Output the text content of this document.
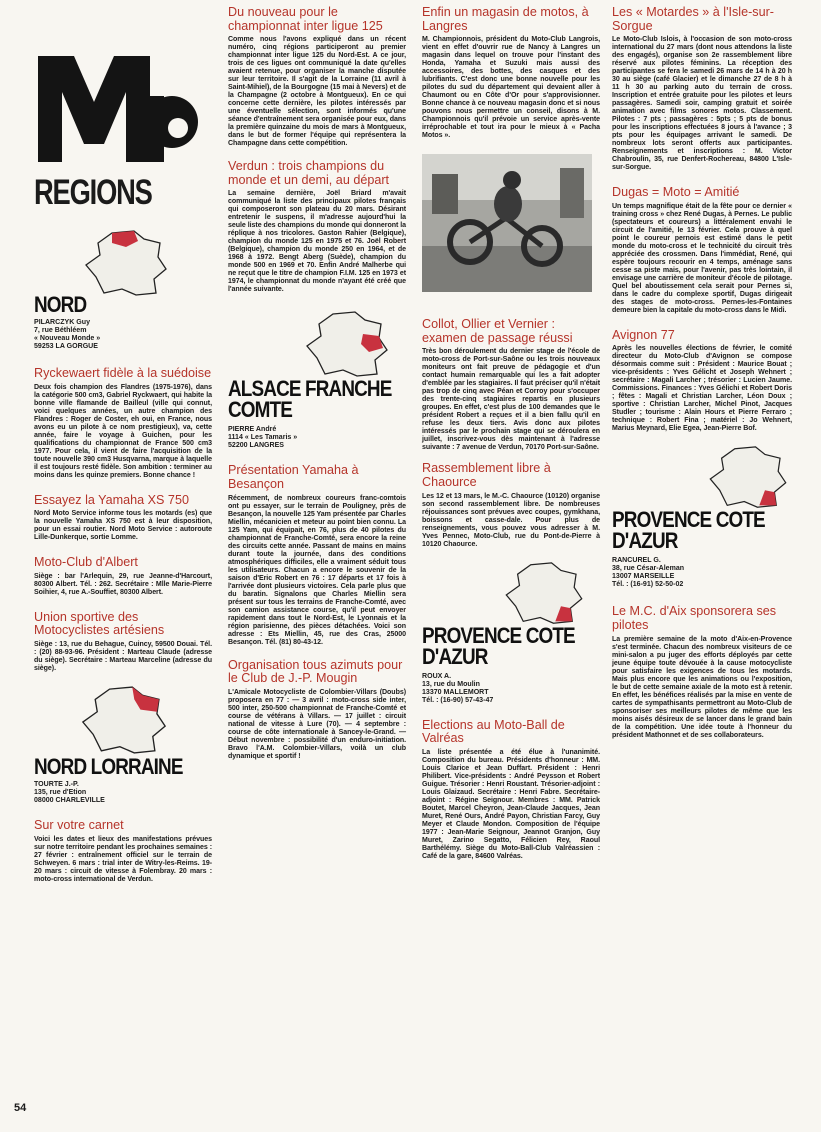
REGIONS
NORD
PILARCZYK Guy
7, rue Béthléem
« Nouveau Monde »
59253 LA GORGUE
Ryckewaert fidèle à la suédoise
Deux fois champion des Flandres (1975-1976), dans la catégorie 500 cm3, Gabriel Ryckwaert, qui habite la bonne ville flamande de Bailleul (ville qui connut, voici quelques années, un autre champion des Flandres : Roger de Coster, eh oui, en France, nous avons eu un pilote à ce nom prestigieux), va, cette année, faire le voyage à Guichen, pour les qualifications du championnat de France 500 cm3 1977. Pour cela, il vient de faire l'acquisition de la toute nouvelle 390 cm3 Husqvarna, marque à laquelle il est toujours resté fidèle. Son ambition : terminer au moins dans les quinze premiers. Bonne chance !
Essayez la Yamaha XS 750
Nord Moto Service informe tous les motards (es) que la nouvelle Yamaha XS 750 est à leur disposition, pour un essai routier. Nord Moto Service : autoroute Lille-Dunkerque, sortie Lomme.
Moto-Club d'Albert
Siège : bar l'Arlequin, 29, rue Jeanne-d'Harcourt, 80300 Albert. Tél. : 262. Secrétaire : Mlle Marie-Pierre Soihier, 4, rue A.-Souffiet, 80300 Albert.
Union sportive des Motocyclistes artésiens
Siège : 13, rue du Behague, Cuincy, 59500 Douai. Tél. : (20) 88-93-96. Président : Marteau Claude (adresse du siège). Secrétaire : Marteau Marceline (adresse du siège).
NORD LORRAINE
TOURTE J.-P.
135, rue d'Etion
08000 CHARLEVILLE
Sur votre carnet
Voici les dates et lieux des manifestations prévues sur notre territoire pendant les prochaines semaines : 27 février : entraînement officiel sur le terrain de Schweyen. 6 mars : trial inter de Witry-les-Reims. 19-20 mars : circuit de vitesse à Folembray. 20 mars : moto-cross international de Verdun.
54
Du nouveau pour le championnat inter ligue 125
Comme nous l'avons expliqué dans un récent numéro, cinq régions participeront au premier championnat inter ligue 125 du Nord-Est. A ce jour, trois de ces ligues ont communiqué la date qu'elles avaient retenue, pour organiser la manche disputée sur leur territoire. Il s'agit de la Lorraine (11 avril à Saint-Mihiel), de la Bourgogne (15 mai à Nevers) et de la Champagne (2 octobre à Montgueux). En ce qui concerne cette dernière, les pilotes intéressés par une éventuelle sélection, sont informés qu'une séance d'entraînement sera organisée pour eux, dans la première quinzaine du mois de mars à Montgueux, dans le but de former l'équipe qui représentera la Champagne dans cette compétition.
Verdun : trois champions du monde et un demi, au départ
La semaine dernière, Joël Briard m'avait communiqué la liste des principaux pilotes français qui composeront son plateau du 20 mars. Désirant entretenir le suspens, il m'adresse aujourd'hui la seule liste des champions du monde qui donneront la réplique à nos tricolores. Gaston Rahier (Belgique), champion du monde 125 en 1975 et 76. Joël Robert (Belgique), champion du monde 250 en 1964, et de 1968 à 1972. Bengt Aberg (Suède), champion du monde 500 en 1969 et 70. Enfin André Malherbe qui ne reçut que le titre de champion F.I.M. 125 en 1973 et 1974, le championnat du monde n'ayant été créé que l'année suivante.
ALSACE FRANCHE COMTE
PIERRE André
1114 « Les Tamaris »
52200 LANGRES
Présentation Yamaha à Besançon
Récemment, de nombreux coureurs franc-comtois ont pu essayer, sur le terrain de Pouligney, près de Besançon, la nouvelle 125 Yam présentée par Charles Miellin, mécanicien et meteur au point bien connu. La 125 Yam, qui équipait, en 76, plus de 40 pilotes du championnat de Franche-Comté, sera encore la reine des circuits cette année. Passant de mains en mains durant toute la journée, dans des conditions atmosphériques difficiles, elle a vraiment séduit tous les utilisateurs. Chacun a encore le souvenir de la saison d'Eric Robert en 76 : 17 départs et 17 fois à l'arrivée dont plusieurs victoires. Cela parle plus que du baratin. Signalons que Charles Miellin sera présent sur tous les terrains de Franche-Comté, avec son camion assistance course, qu'il peut envoyer rapidement dans tout le Nord-Est, le Lyonnais et la région parisienne, des pièces détachées. Voici son adresse : Ets Miellin, 45, rue des Cras, 25000 Besançon. Tél. (81) 80-43-12.
Organisation tous azimuts pour le Club de J.-P. Mougin
L'Amicale Motocycliste de Colombier-Villars (Doubs) proposera en 77 : — 3 avril : moto-cross side inter, 500 inter, 250-500 championnat de Franche-Comté et course de vétérans à Villars. — 17 juillet : circuit national de vitesse à Lure (70). — 4 septembre : course de côte internationale à Sancey-le-Grand. — Début novembre : possibilité d'un enduro-initiation. Bravo l'A.M. Colombier-Villars, voilà un club dynamique et sportif !
Enfin un magasin de motos, à Langres
M. Championnois, président du Moto-Club Langrois, vient en effet d'ouvrir rue de Nancy à Langres un magasin dans lequel on trouve pour l'instant des Honda, Yamaha et Suzuki mais aussi des accessoires, des bottes, des casques et des lubrifiants. C'est donc une bonne nouvelle pour les pilotes du sud du département qui devaient aller à Chaumont ou en Côte d'Or pour s'approvisionner. Bonne chance à ce nouveau magasin donc et si nous pouvons nous permettre un conseil, disons à M. Championnois qu'il prévoie un service après-vente irréprochable et tout ira pour le mieux à « Pacha Motos ».
Collot, Ollier et Vernier : examen de passage réussi
Très bon déroulement du dernier stage de l'école de moto-cross de Port-sur-Saône ou les trois nouveaux moniteurs ont fait preuve de pédagogie et d'un contact humain remarquable qui les a fait adopter d'emblée par les stagiaires. Il faut préciser qu'il n'était pas trop de cinq avec Péan et Corroy pour s'occuper des trente-cinq stagiaires repartis en plusieurs groupes. En effet, c'est plus de 100 demandes que le président Robert a reçues et il a bien fallu qu'il en refuse les deux tiers. Avis donc aux pilotes intéressés par le prochain stage qui se déroulera en juillet, inscrivez-vous dès maintenant à l'adresse suivante : 7 avenue de Verdun, 70170 Port-sur-Saône.
Rassemblement libre à Chaource
Les 12 et 13 mars, le M.-C. Chaource (10120) organise son second rassemblement libre. De nombreuses réjouissances sont prévues avec coupes, gymkhana, boissons et casse-dale. Pour plus de renseignements, vous pouvez vous adresser à M. Yves Pennec, Moto-Club, rue du Pont-de-Pierre à 10120 Chaource.
PROVENCE COTE D'AZUR
ROUX A.
13, rue du Moulin
13370 MALLEMORT
Tél. : (16-90) 57-43-47
Elections au Moto-Ball de Valréas
La liste présentée a été élue à l'unanimité. Composition du bureau. Présidents d'honneur : MM. Louis Clarice et Jean Duffart. Président : Henri Philibert. Vice-présidents : André Peysson et Robert Guigue. Trésorier : Henri Roustant. Trésorier-adjoint : Louis Glaizaud. Secrétaire : Henri Fabre. Secrétaire-adjoint : Régine Seignour. Membres : MM. Patrick Boutet, Marcel Cheyron, Jean-Claude Jacques, Jean Muret, René Ours, André Payon, Christian Farcy, Guy Meyer et Claude Mondon. Composition de l'équipe 1977 : Jean-Marie Seignour, Jeannot Granjon, Guy Muret, Zarino Segatto, Félicien Rey, Raoul Barthélémy. Siège du Moto-Ball-Club Valréassien : Café de la gare, 84600 Valréas.
Les « Motardes » à l'Isle-sur-Sorgue
Le Moto-Club Islois, à l'occasion de son moto-cross international du 27 mars (dont nous attendons la liste des engagés), organise son 2e rassemblement libre réservé aux pilotes féminins. La réception des participantes se fera le samedi 26 mars de 14 h à 20 h 30 au siège (café Glacier) et le dimanche 27 de 8 h à 11 h 30 au parking auto du terrain de cross. Inscription et entrée gratuite pour les pilotes et leurs passagères. Samedi soir, camping gratuit et soirée animation avec films sonores motos. Classement. Pilotes : 7 pts ; passagères : 5pts ; 5 pts de bonus pour les inscriptions effectuées 8 jours à l'avance ; 3 pts pour les équipages arrivant le samedi. De nombreux lots seront offerts aux participantes. Renseignements et inscriptions : M. Victor Chabroulin, 35, rue Denfert-Rochereau, 84800 L'Isle-sur-Sorgue.
Dugas = Moto = Amitié
Un temps magnifique était de la fête pour ce dernier « training cross » chez René Dugas, à Pernes. Le public (spectateurs et coureurs) a littéralement envahi le circuit de l'amitié, le 13 février. Cela prouve à quel point le coureur pernois est estimé dans le petit monde du moto-cross et le technicité du circuit très appréciée des crossmen. Dans l'immédiat, René, qui espère toujours recourir en 4 temps, aménage sans cesse sa piste mais, pour l'avenir, pas très lointain, il envisage une carrière de moniteur d'école de pilotage. Quel bel aboutissement cela serait pour Pernes si, dans le cadre du complexe sportif, Dugas dirigeait des stages de moto-cross. Pernes-les-Fontaines demeure bien la capitale du moto-cross dans le Midi.
Avignon 77
Après les nouvelles élections de février, le comité directeur du Moto-Club d'Avignon se compose désormais comme suit : Président : Maurice Bouat ; vice-présidents : Yves Gélicht et Joseph Wehnert ; secrétaire : Magali Larcher ; trésorier : Lucien Jaume. Commissions. Finances : Yves Gélichi et Robert Doris ; fêtes : Magali et Christian Larcher, Léon Doux ; sportive : Christian Larcher, Michel Pinot, Jacques Studler ; tourisme : Alain Hours et Pierre Ferraro ; technique : Robert Fina ; matériel : Jo Wehnert, Marius Meynard, Elie Egea, Jean-Pierre Bof.
PROVENCE COTE D'AZUR
RANCUREL G.
38, rue César-Aleman
13007 MARSEILLE
Tél. : (16-91) 52-50-02
Le M.C. d'Aix sponsorera ses pilotes
La première semaine de la moto d'Aix-en-Provence s'est terminée. Chacun des nombreux visiteurs de ce mini-salon a pu juger des efforts déployés par cette jeune équipe toute dévouée à la cause motocycliste pour satisfaire les exigences de tous les motards. Mais plus encore que les animations ou l'exposition, le but de cette semaine axiale de la moto est à retenir. En effet, les bénéfices réalisés par la mise en vente de cartes de sympathisants permettront au Moto-Club de sponsoriser ses meilleurs pilotes de même que les moins aisés désireux de se lancer dans le grand bain de la compétition. Une idée toute à l'honneur du président Mathonnet et de ses collaborateurs.
